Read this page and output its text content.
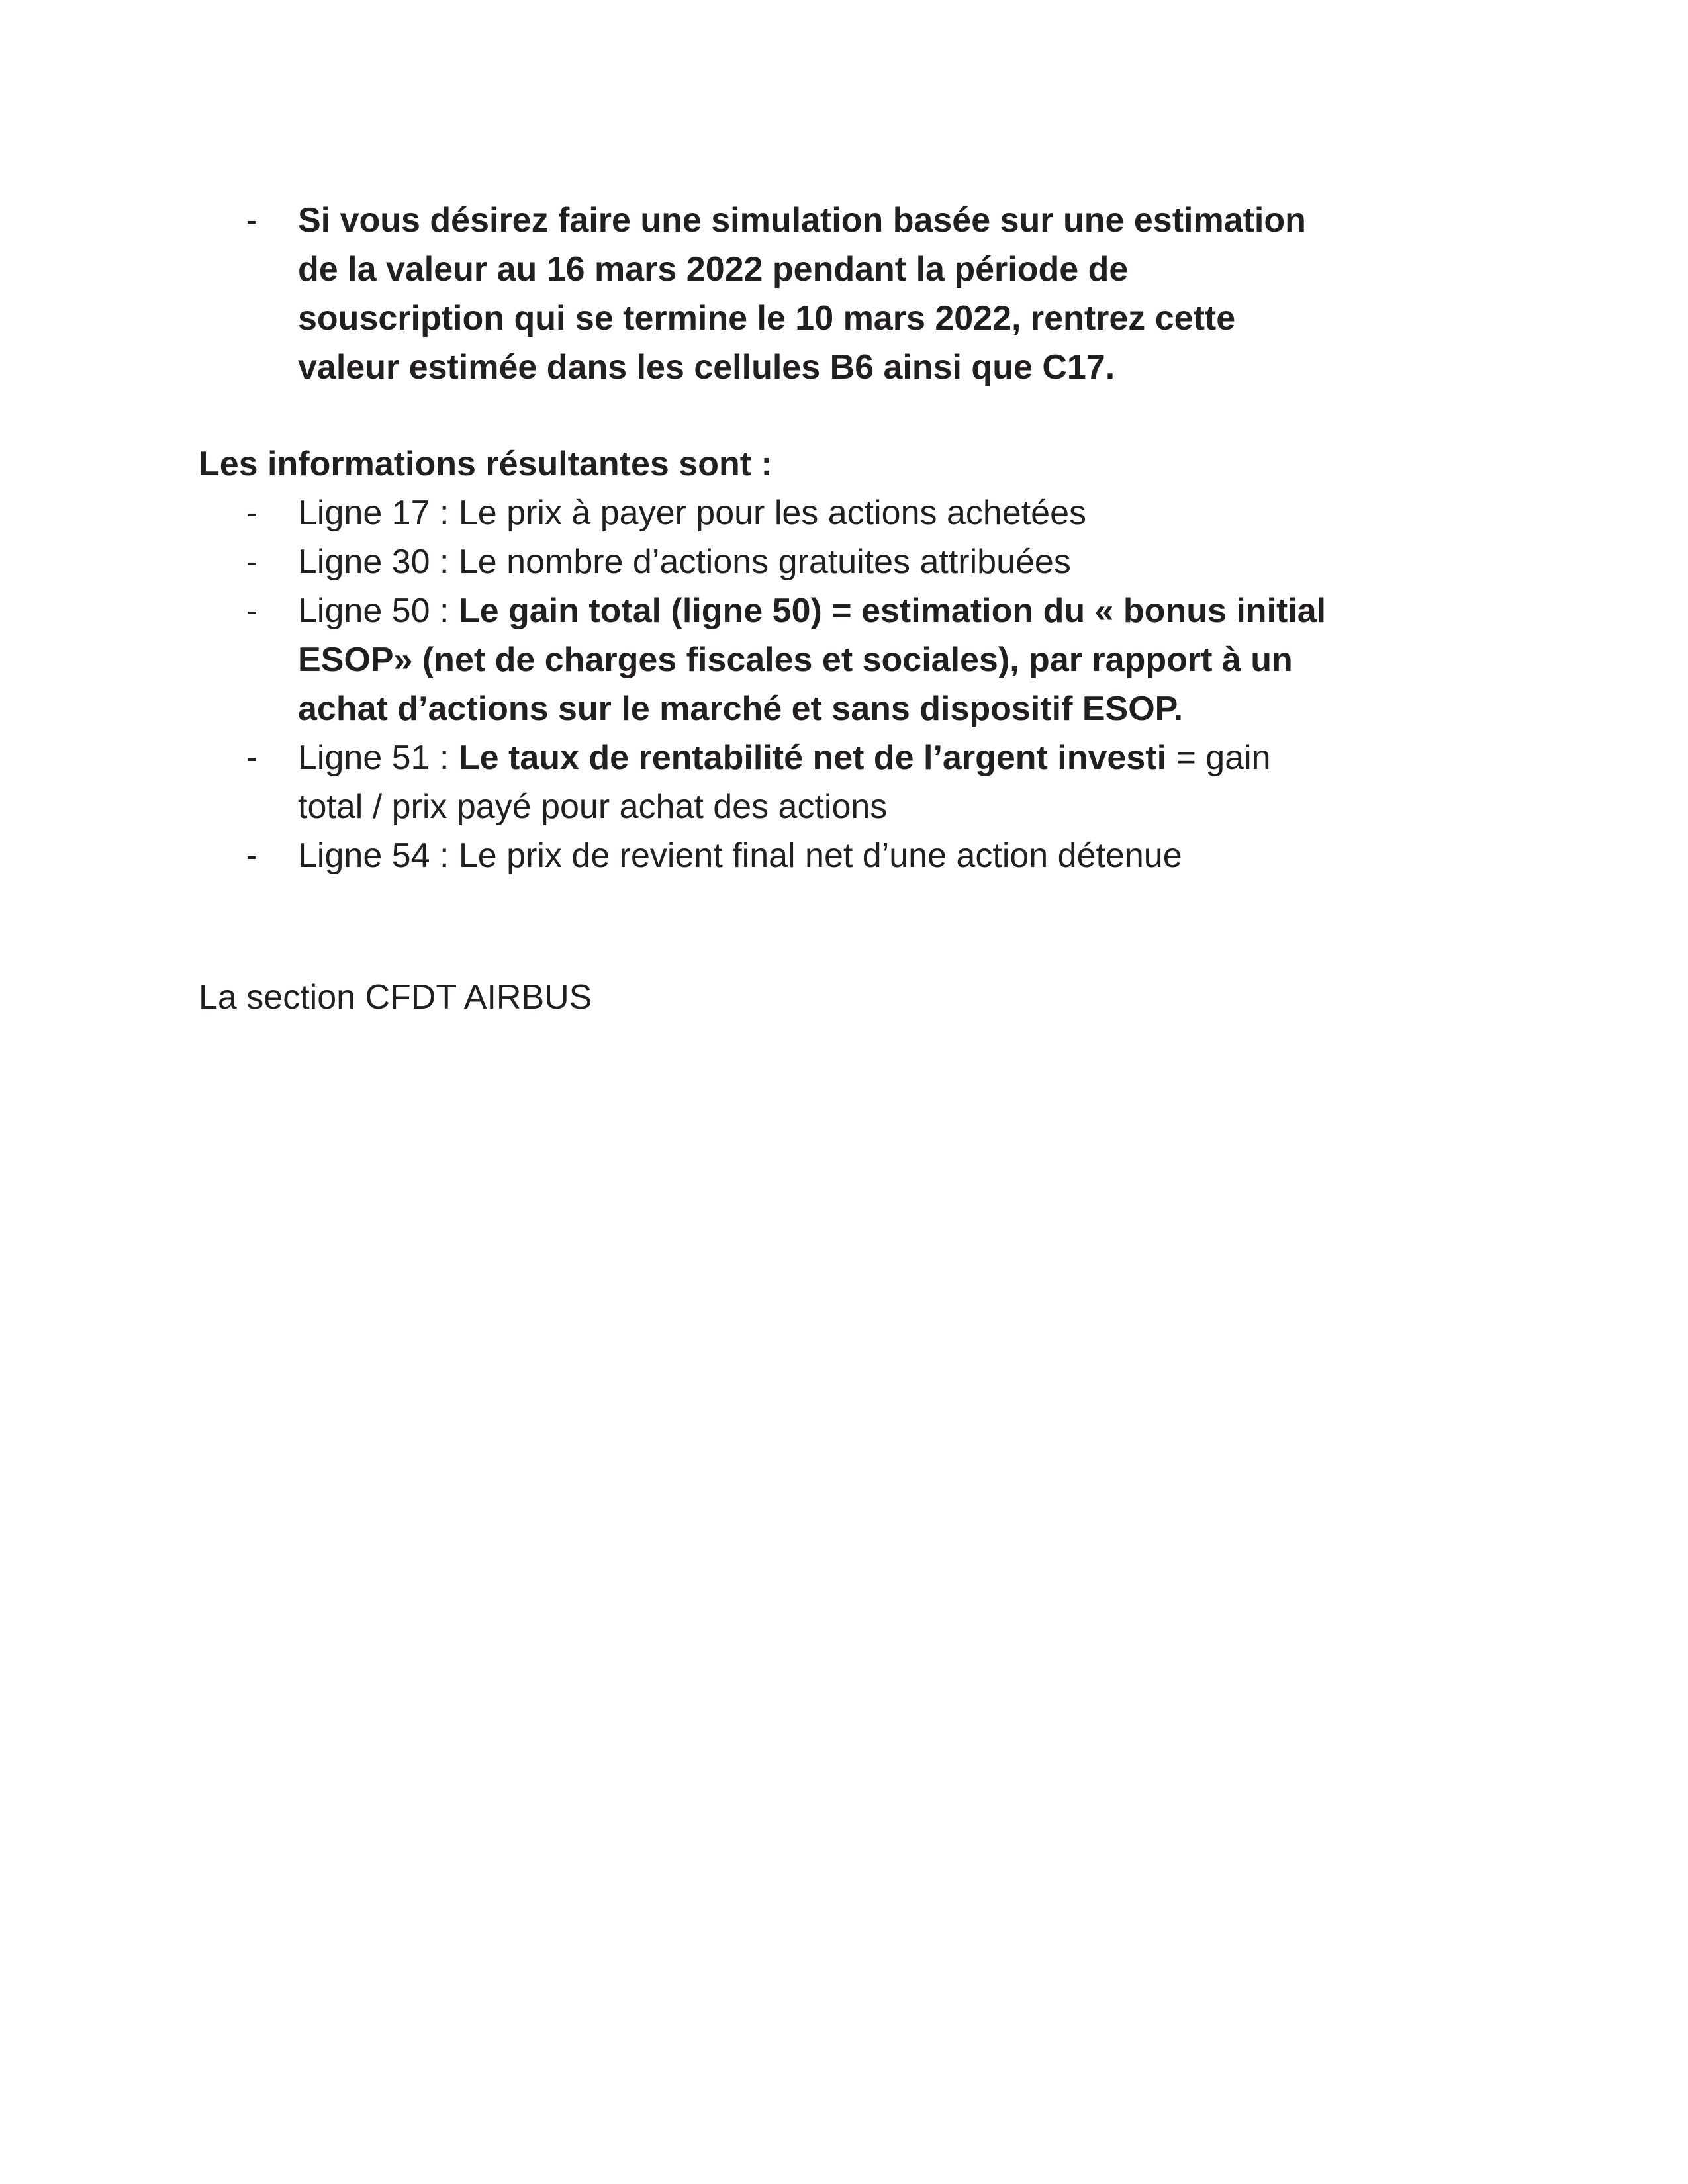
-	Si vous désirez faire une simulation basée sur une estimation
de la valeur au 16 mars 2022 pendant la période de
souscription qui se termine le 10 mars 2022, rentrez cette
valeur estimée dans les cellules B6 ainsi que C17.
Les informations résultantes sont :
-	Ligne 17 : Le prix à payer pour les actions achetées
-	Ligne 30 : Le nombre d’actions gratuites attribuées
-	Ligne 50 : Le gain total (ligne 50) = estimation du « bonus initial
ESOP» (net de charges fiscales et sociales), par rapport à un
achat d’actions sur le marché et sans dispositif ESOP.
-	Ligne 51 : Le taux de rentabilité net de l’argent investi = gain
total / prix payé pour achat des actions
-	Ligne 54 : Le prix de revient final net d’une action détenue
La section CFDT AIRBUS
